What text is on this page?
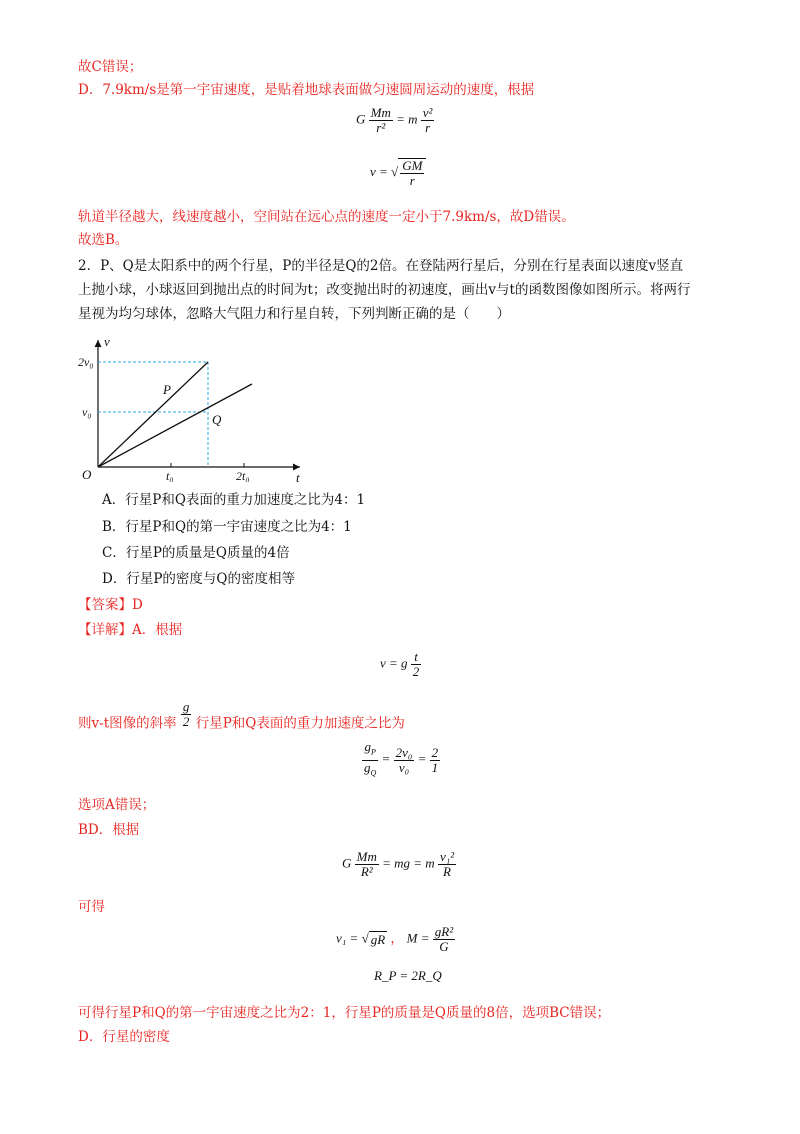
故C错误；
D．7.9km/s是第一宇宙速度，是贴着地球表面做匀速圆周运动的速度，根据
G $\frac{Mm}{\text{r²}} = m \frac{\text{v²}}{r}$
v = √ $\frac{GM}{r}$
轨道半径越大，线速度越小，空间站在远心点的速度一定小于7.9km/s，故D错误。
故选B。
2．P、Q是太阳系中的两个行星，P的半径是Q的2倍。在登陆两行星后，分别在行星表面以速度v竖直
上抛小球，小球返回到抛出点的时间为t；改变抛出时的初速度，画出v与t的函数图像如图所示。将两行
星视为均匀球体，忽略大气阻力和行星自转，下列判断正确的是（　　）
v
t
O
2v₀
v₀
t₀	2t₀
P
Q
A．行星P和Q表面的重力加速度之比为4：1
B．行星P和Q的第一宇宙速度之比为4：1
C．行星P的质量是Q质量的4倍
D．行星P的密度与Q的密度相等
【答案】D
【详解】A．根据
v = g $\frac{t}{2}$
则v-t图像的斜率 $\frac{g}{2}$ 行星P和Q表面的重力加速度之比为
$\frac{g_P}{g_Q} = \frac{\text{2v₀}}{\text{v₀}} = \frac{2}{1}$
选项A错误；
BD．根据
G $\frac{Mm}{\text{R²}}$ = mg = m $\frac{\text{v₁²}}{R}$
可得
v₁ = √ gR ， $M = \frac{\text{gR²}}{G}$
R_P = 2R_Q
可得行星P和Q的第一宇宙速度之比为2：1，行星P的质量是Q质量的8倍，选项BC错误；
D．行星的密度
